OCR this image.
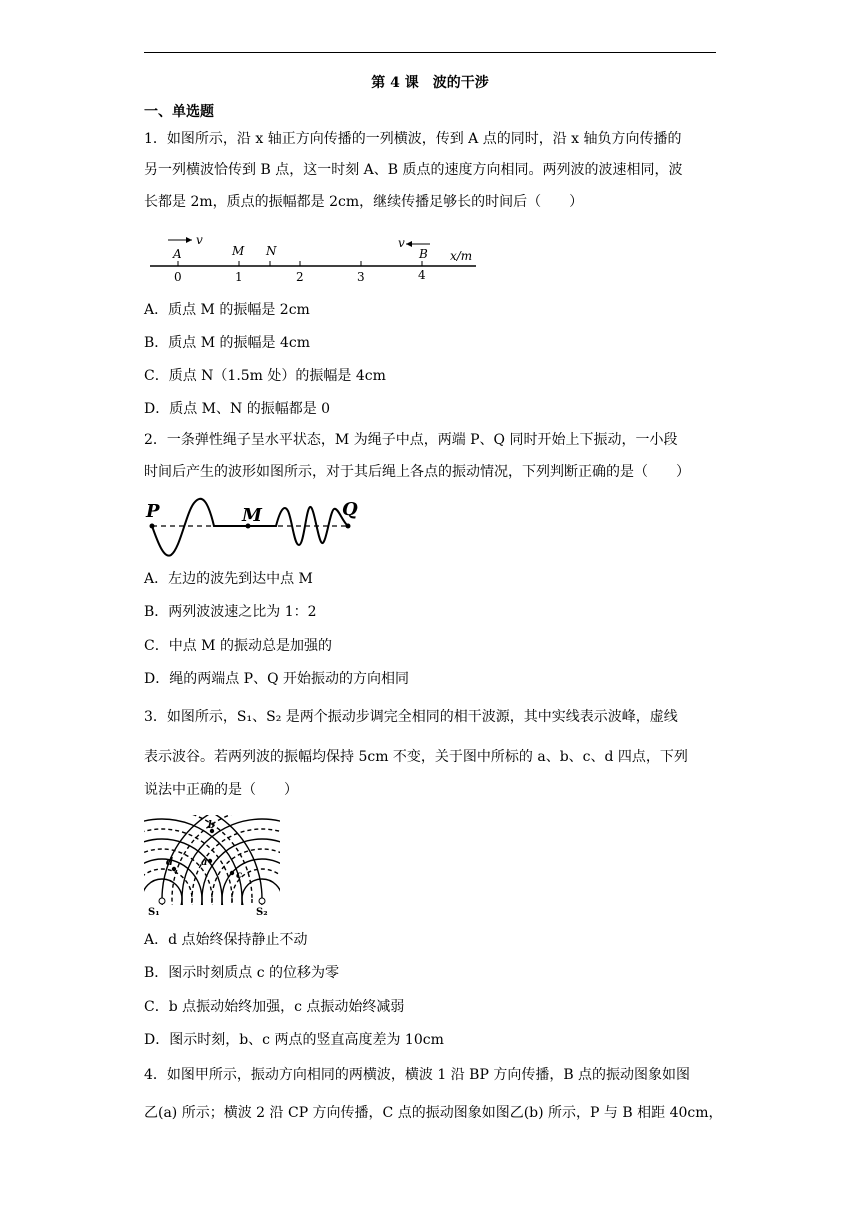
第 4 课　波的干涉
一、单选题
1．如图所示，沿 x 轴正方向传播的一列横波，传到 A 点的同时，沿 x 轴负方向传播的
另一列横波恰传到 B 点，这一时刻 A、B 质点的速度方向相同。两列波的波速相同，波
长都是 2m，质点的振幅都是 2cm，继续传播足够长的时间后（　　）
v	v
A	M N	B
0	1	2	3	4
x/m
A．质点 M 的振幅是 2cm
B．质点 M 的振幅是 4cm
C．质点 N（1.5m 处）的振幅是 4cm
D．质点 M、N 的振幅都是 0
2．一条弹性绳子呈水平状态，M 为绳子中点，两端 P、Q 同时开始上下振动，一小段
时间后产生的波形如图所示，对于其后绳上各点的振动情况，下列判断正确的是（　　）
P	M	Q
A．左边的波先到达中点 M
B．两列波波速之比为 1：2
C．中点 M 的振动总是加强的
D．绳的两端点 P、Q 开始振动的方向相同
3．如图所示，S₁、S₂ 是两个振动步调完全相同的相干波源，其中实线表示波峰，虚线
表示波谷。若两列波的振幅均保持 5cm 不变，关于图中所标的 a、b、c、d 四点，下列
说法中正确的是（　　）
b
a
c
d
S₁	S₂
A．d 点始终保持静止不动
B．图示时刻质点 c 的位移为零
C．b 点振动始终加强，c 点振动始终减弱
D．图示时刻，b、c 两点的竖直高度差为 10cm
4．如图甲所示，振动方向相同的两横波，横波 1 沿 BP 方向传播，B 点的振动图象如图
乙(a) 所示；横波 2 沿 CP 方向传播，C 点的振动图象如图乙(b) 所示，P 与 B 相距 40cm，
